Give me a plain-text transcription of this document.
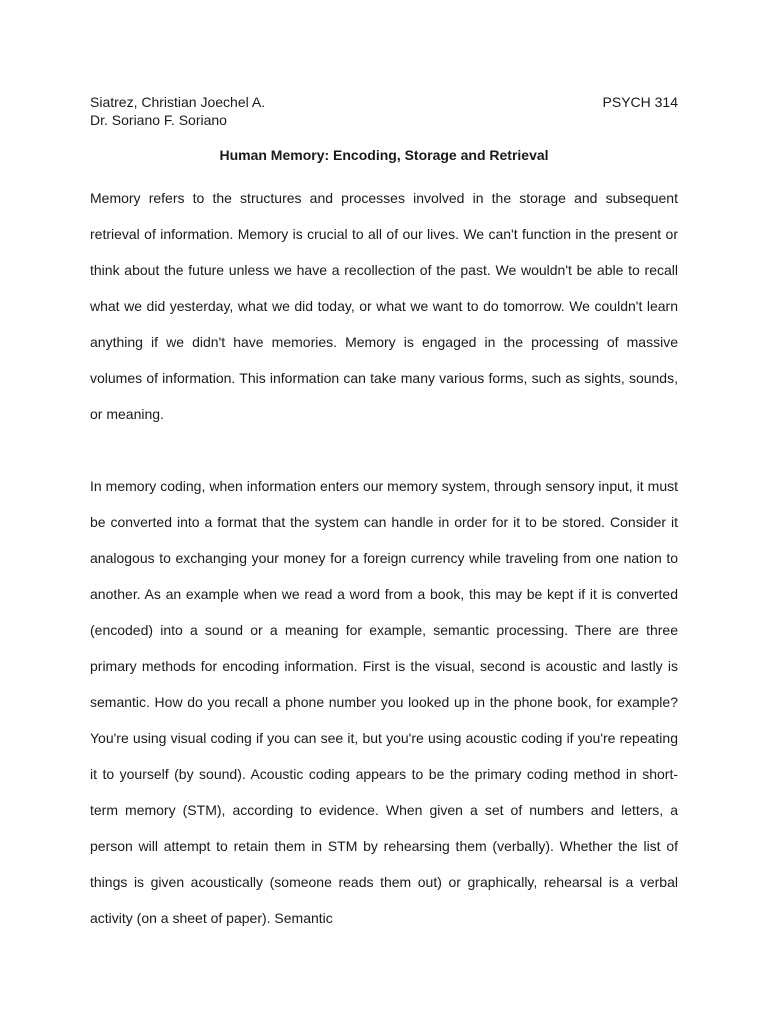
Siatrez, Christian Joechel A.	PSYCH 314
Dr. Soriano F. Soriano
Human Memory: Encoding, Storage and Retrieval

Memory refers to the structures and processes involved in the storage and subsequent retrieval of information. Memory is crucial to all of our lives. We can't function in the present or think about the future unless we have a recollection of the past. We wouldn't be able to recall what we did yesterday, what we did today, or what we want to do tomorrow. We couldn't learn anything if we didn't have memories. Memory is engaged in the processing of massive volumes of information. This information can take many various forms, such as sights, sounds, or meaning.

In memory coding, when information enters our memory system, through sensory input, it must be converted into a format that the system can handle in order for it to be stored. Consider it analogous to exchanging your money for a foreign currency while traveling from one nation to another. As an example when we read a word from a book, this may be kept if it is converted (encoded) into a sound or a meaning for example, semantic processing. There are three primary methods for encoding information. First is the visual, second is acoustic and lastly is semantic. How do you recall a phone number you looked up in the phone book, for example? You're using visual coding if you can see it, but you're using acoustic coding if you're repeating it to yourself (by sound). Acoustic coding appears to be the primary coding method in short-term memory (STM), according to evidence. When given a set of numbers and letters, a person will attempt to retain them in STM by rehearsing them (verbally). Whether the list of things is given acoustically (someone reads them out) or graphically, rehearsal is a verbal activity (on a sheet of paper). Semantic
